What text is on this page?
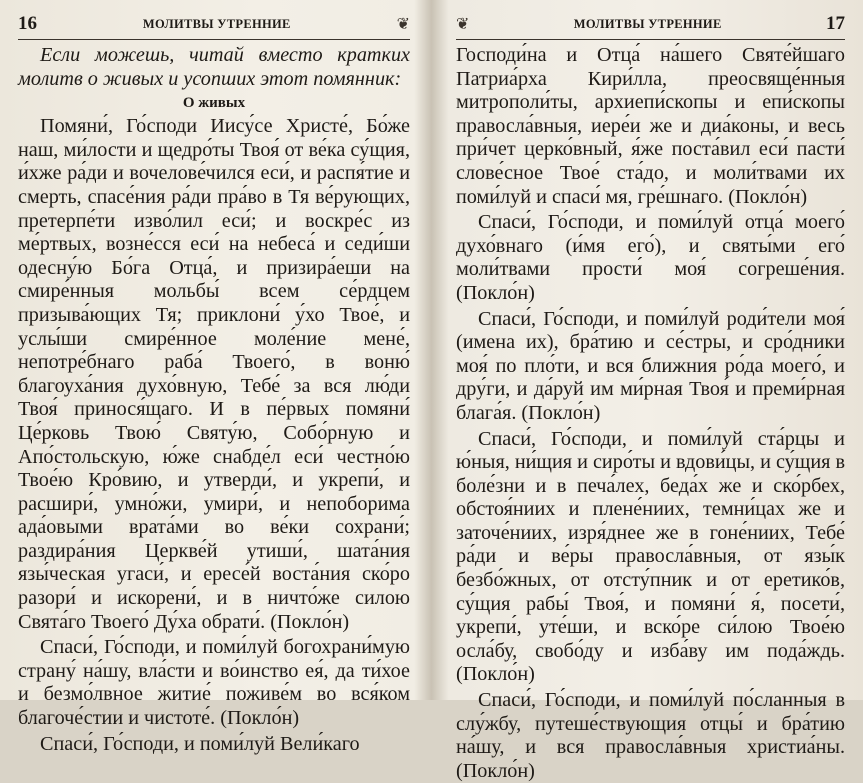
16	МОЛИТВЫ УТРЕННИЕ	❦

Если можешь, читай вместо кратких молитв о живых и усопших этот помянник:

О живых

Помяни́, Го́споди Иису́се Христе́, Бо́же наш, ми́лости и щедро́ты Твоя́ от ве́ка су́щия, и́хже ра́ди и вочелове́чился еси́, и распя́тие и смерть, спасе́ния ра́ди пра́во в Тя ве́рующих, претерпе́ти изво́лил еси́; и воскре́с из ме́ртвых, возне́сся еси́ на небеса́ и седи́ши одесну́ю Бо́га Отца́, и призира́еши на смире́нныя мольбы́ всем се́рдцем призыва́ющих Тя; приклони́ у́хо Твое́, и услы́ши смире́нное моле́ние мене́, непотре́бнаго раба́ Твоего́, в воню́ благоуха́ния духо́вную, Тебе́ за вся лю́ди Твоя́ принося́щаго. И в пе́рвых помяни́ Це́рковь Твою́ Святу́ю, Собо́рную и Апо́стольскую, ю́же снабде́л еси́ честно́ю Твое́ю Кро́вию, и утверди́, и укрепи́, и расшири́, умно́жи, умири́, и непоборима ада́овыми врата́ми во ве́ки сохрани́; раздира́ния Церкве́й утиши́, шата́ния язы́ческая угаси́, и ересе́й воста́ния ско́ро разори́ и искорени́, и в ничто́же силою Свята́го Твоего́ Ду́ха обрати́. (Покло́н)

Спаси́, Го́споди, и поми́луй богохрани́мую страну́ на́шу, вла́сти и во́инство ея́, да ти́хое и безмо́лвное житие́ поживе́м во вся́ком благоче́стии и чистоте́. (Покло́н)

Спаси́, Го́споди, и поми́луй Вели́каго

❦	МОЛИТВЫ УТРЕННИЕ	17

Господи́на и Отца́ на́шего Святе́йшаго Патриа́рха Кири́лла, преосвяще́нныя митрополи́ты, архиепи́скопы и епи́скопы правосла́вныя, иере́и же и диа́коны, и весь при́чет церко́вный, я́же поста́вил еси́ пасти́ слове́сное Твое́ ста́до, и моли́твами их поми́луй и спаси́ мя, гре́шнаго. (Покло́н)

Спаси́, Го́споди, и поми́луй отца́ моего́ духо́внаго (и́мя его́), и святы́ми его́ моли́твами прости́ моя́ согреше́ния. (Покло́н)

Спаси́, Го́споди, и поми́луй роди́тели моя́ (имена их), бра́тию и се́стры, и сро́дники моя́ по пло́ти, и вся ближния ро́да моего́, и дру́ги, и да́руй им ми́рная Твоя́ и преми́рная блага́я. (Покло́н)

Спаси́, Го́споди, и поми́луй ста́рцы и ю́ныя, ни́щия и сиро́ты и вдови́цы, и су́щия в боле́зни и в печа́лех, беда́х же и ско́рбех, обстоя́ниих и плене́ниих, темни́цах же и заточе́ниих, изря́днее же в гоне́ниих, Тебе́ ра́ди и ве́ры правосла́вныя, от язы́к безбо́жных, от отсту́пник и от еретико́в, су́щия рабы́ Твоя́, и помяни́ я́, посети́, укрепи́, уте́ши, и вско́ре си́лою Твое́ю осла́бу, свобо́ду и изба́ву им пода́ждь. (Покло́н)

Спаси́, Го́споди, и поми́луй по́сланныя в слу́жбу, путеше́ствующия отцы́ и бра́тию на́шу, и вся правосла́вныя христиа́ны. (Покло́н)
